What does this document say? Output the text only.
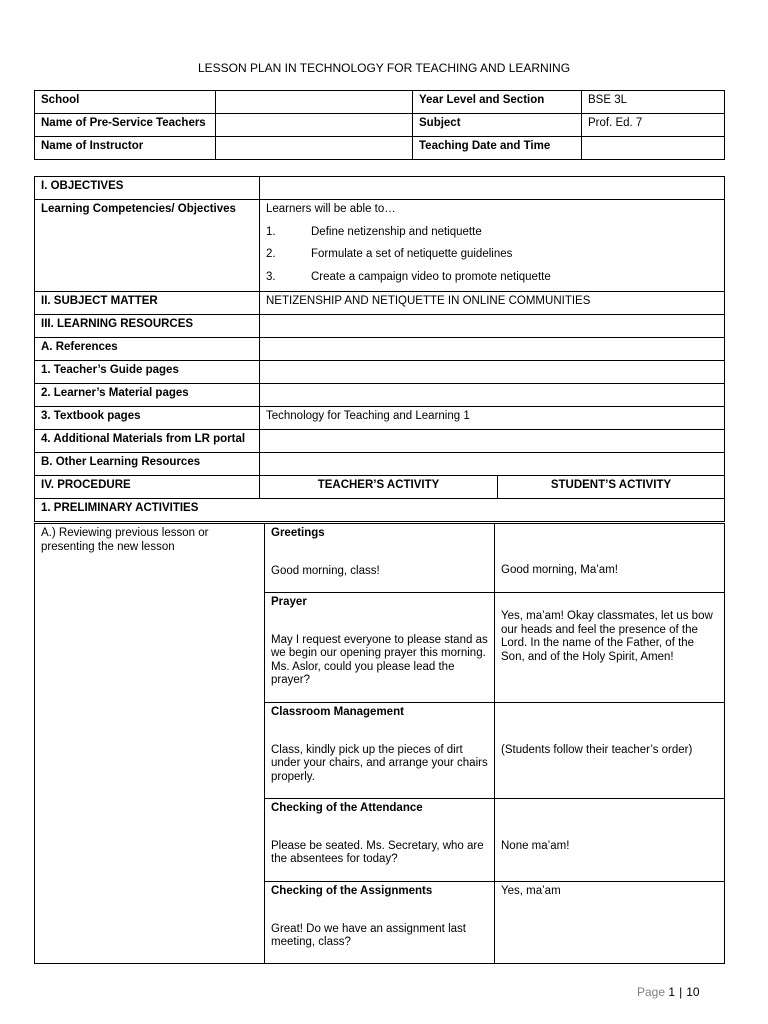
LESSON PLAN IN TECHNOLOGY FOR TEACHING AND LEARNING
School		Year Level and Section	BSE 3L
Name of Pre-Service Teachers		Subject	Prof. Ed. 7
Name of Instructor		Teaching Date and Time	
I. OBJECTIVES		
Learning Competencies/ Objectives	Learners will be able to…
1. Define netizenship and netiquette
2. Formulate a set of netiquette guidelines
3. Create a campaign video to promote netiquette	

II. SUBJECT MATTER	NETIZENSHIP AND NETIQUETTE IN ONLINE COMMUNITIES	
III. LEARNING RESOURCES		
A. References		
1. Teacher’s Guide pages		
2. Learner’s Material pages		
3. Textbook pages	Technology for Teaching and Learning 1	
4. Additional Materials from LR portal		
B. Other Learning Resources		
IV. PROCEDURE	TEACHER’S ACTIVITY	STUDENT’S ACTIVITY
1. PRELIMINARY ACTIVITIES		
A.) Reviewing previous lesson or presenting the new lesson	Greetings
Good morning, class!	Good morning, Ma’am!

	Prayer
May I request everyone to please stand as we begin our opening prayer this morning. Ms. Aslor, could you please lead the prayer?	Yes, ma’am! Okay classmates, let us bow our heads and feel the presence of the Lord. In the name of the Father, of the Son, and of the Holy Spirit, Amen!

	Classroom Management
Class, kindly pick up the pieces of dirt under your chairs, and arrange your chairs properly.	(Students follow their teacher’s order)

	Checking of the Attendance
Please be seated. Ms. Secretary, who are the absentees for today?	None ma’am!

	Checking of the Assignments
Great! Do we have an assignment last meeting, class?	Yes, ma’am
Page 1 | 10
